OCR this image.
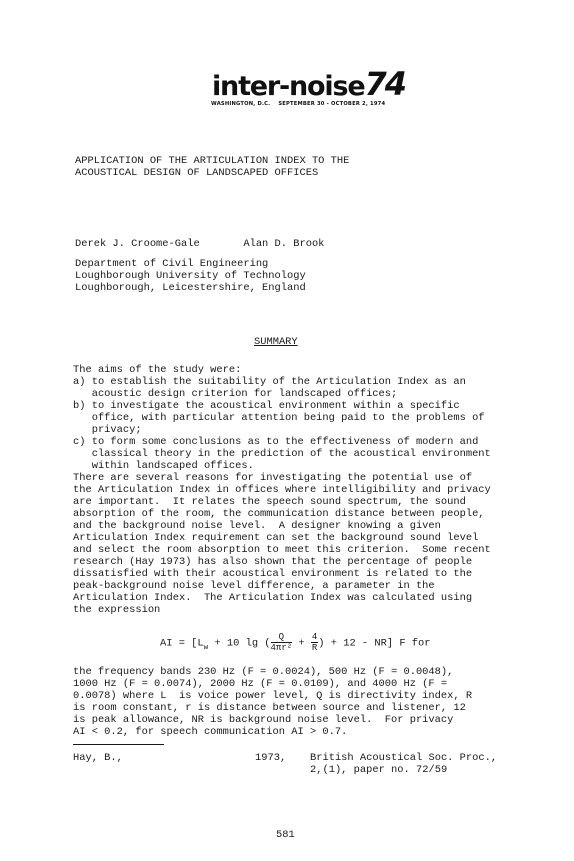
inter-noise74
WASHINGTON, D.C.    SEPTEMBER 30 - OCTOBER 2, 1974
APPLICATION OF THE ARTICULATION INDEX TO THE
ACOUSTICAL DESIGN OF LANDSCAPED OFFICES
Derek J. Croome-Gale       Alan D. Brook
Department of Civil Engineering
Loughborough University of Technology
Loughborough, Leicestershire, England
SUMMARY
The aims of the study were:
a) to establish the suitability of the Articulation Index as an
acoustic design criterion for landscaped offices;
b) to investigate the acoustical environment within a specific
office, with particular attention being paid to the problems of
privacy;
c) to form some conclusions as to the effectiveness of modern and
classical theory in the prediction of the acoustical environment
within landscaped offices.
There are several reasons for investigating the potential use of
the Articulation Index in offices where intelligibility and privacy
are important.  It relates the speech sound spectrum, the sound
absorption of the room, the communication distance between people,
and the background noise level.  A designer knowing a given
Articulation Index requirement can set the background sound level
and select the room absorption to meet this criterion.  Some recent
research (Hay 1973) has also shown that the percentage of people
dissatisfied with their acoustical environment is related to the
peak-background noise level difference, a parameter in the
Articulation Index.  The Articulation Index was calculated using
the expression
AI = [$L_w + 10$ lg ( $\frac{Q}{\text{4πr²}} + \frac{4}{R}) + 12 - NR$] F for
the frequency bands 230 Hz (F = 0.0024), 500 Hz (F = 0.0048),
1000 Hz (F = 0.0074), 2000 Hz (F = 0.0109), and 4000 Hz (F =
0.0078) where L  is voice power level, Q is directivity index, R
is room constant, r is distance between source and listener, 12
is peak allowance, NR is background noise level.  For privacy
AI < 0.2, for speech communication AI > 0.7.
Hay, B.,	1973, British Acoustical Soc. Proc.,
2,(1), paper no. 72/59
581
